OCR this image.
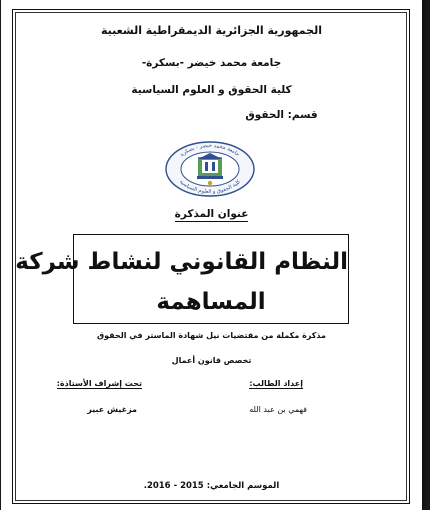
الجمهورية الجزائرية الديمقراطية الشعبية
جامعة محمد خيضر -بسكرة-
كلية الحقوق و العلوم السياسية
قسم: الحقوق
جامعة محمد خيضر - بسكرة
كلية الحقوق و العلوم السياسية
عنوان المذكرة
النظام القانوني لنشاط شركة
المساهمة
مذكرة مكملة من مقتضيات نيل شهادة الماستر في الحقوق
تخصص قانون أعمال
إعداد الطالب:
تحت إشراف الأستاذة:
فهمي بن عبد الله
مزغيش عبير
الموسم الجامعي: 2015 - 2016.
